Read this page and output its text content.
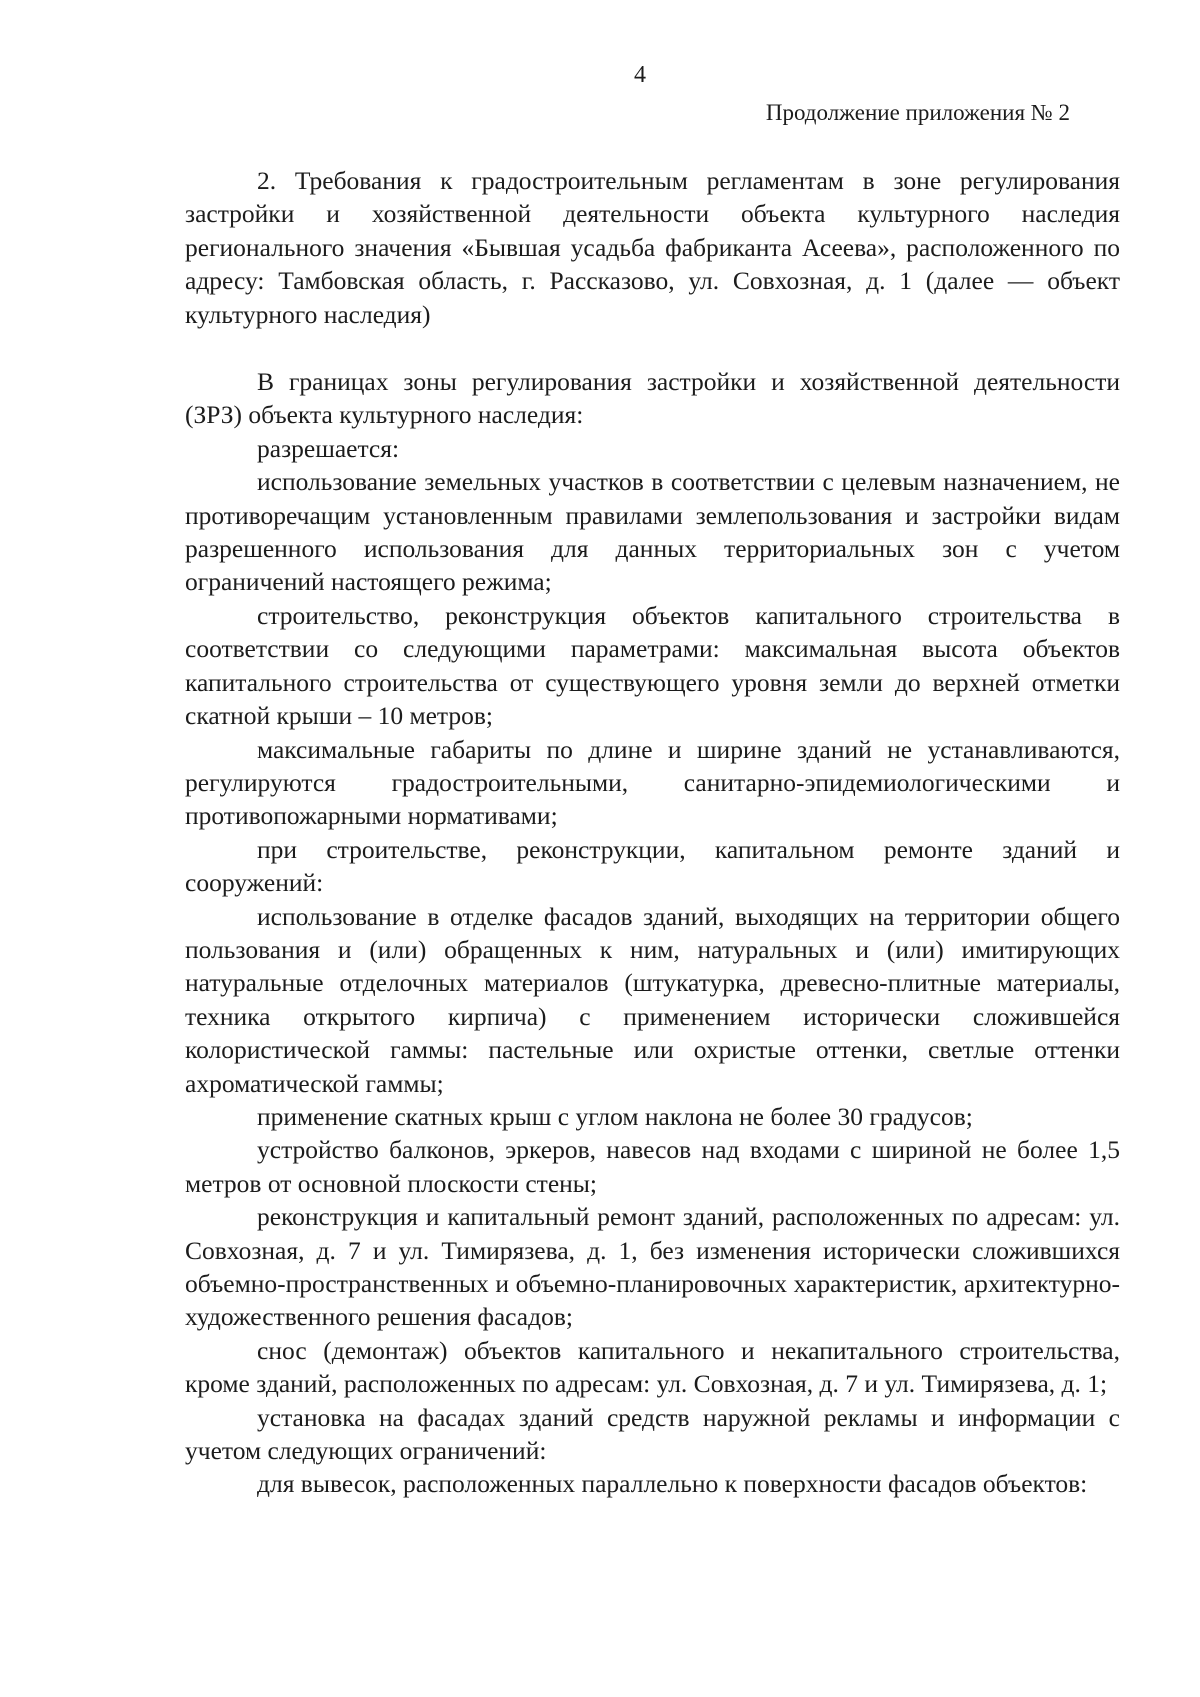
4
Продолжение приложения № 2

2. Требования к градостроительным регламентам в зоне регулирования застройки и хозяйственной деятельности объекта культурного наследия регионального значения «Бывшая усадьба фабриканта Асеева», расположенного по адресу: Тамбовская область, г. Рассказово, ул. Совхозная, д. 1 (далее — объект культурного наследия)

В границах зоны регулирования застройки и хозяйственной деятельности (ЗРЗ) объекта культурного наследия:

разрешается:

использование земельных участков в соответствии с целевым назначением, не противоречащим установленным правилами землепользования и застройки видам разрешенного использования для данных территориальных зон с учетом ограничений настоящего режима;

строительство, реконструкция объектов капитального строительства в соответствии со следующими параметрами: максимальная высота объектов капитального строительства от существующего уровня земли до верхней отметки скатной крыши – 10 метров;

максимальные габариты по длине и ширине зданий не устанавливаются, регулируются градостроительными, санитарно-эпидемиологическими и противопожарными нормативами;

при строительстве, реконструкции, капитальном ремонте зданий и сооружений:

использование в отделке фасадов зданий, выходящих на территории общего пользования и (или) обращенных к ним, натуральных и (или) имитирующих натуральные отделочных материалов (штукатурка, древесно-плитные материалы, техника открытого кирпича) с применением исторически сложившейся колористической гаммы: пастельные или охристые оттенки, светлые оттенки ахроматической гаммы;

применение скатных крыш с углом наклона не более 30 градусов;

устройство балконов, эркеров, навесов над входами с шириной не более 1,5 метров от основной плоскости стены;

реконструкция и капитальный ремонт зданий, расположенных по адресам: ул. Совхозная, д. 7 и ул. Тимирязева, д. 1, без изменения исторически сложившихся объемно-пространственных и объемно-планировочных характеристик, архитектурно-художественного решения фасадов;

снос (демонтаж) объектов капитального и некапитального строительства, кроме зданий, расположенных по адресам: ул. Совхозная, д. 7 и ул. Тимирязева, д. 1;

установка на фасадах зданий средств наружной рекламы и информации с учетом следующих ограничений:

для вывесок, расположенных параллельно к поверхности фасадов объектов:
